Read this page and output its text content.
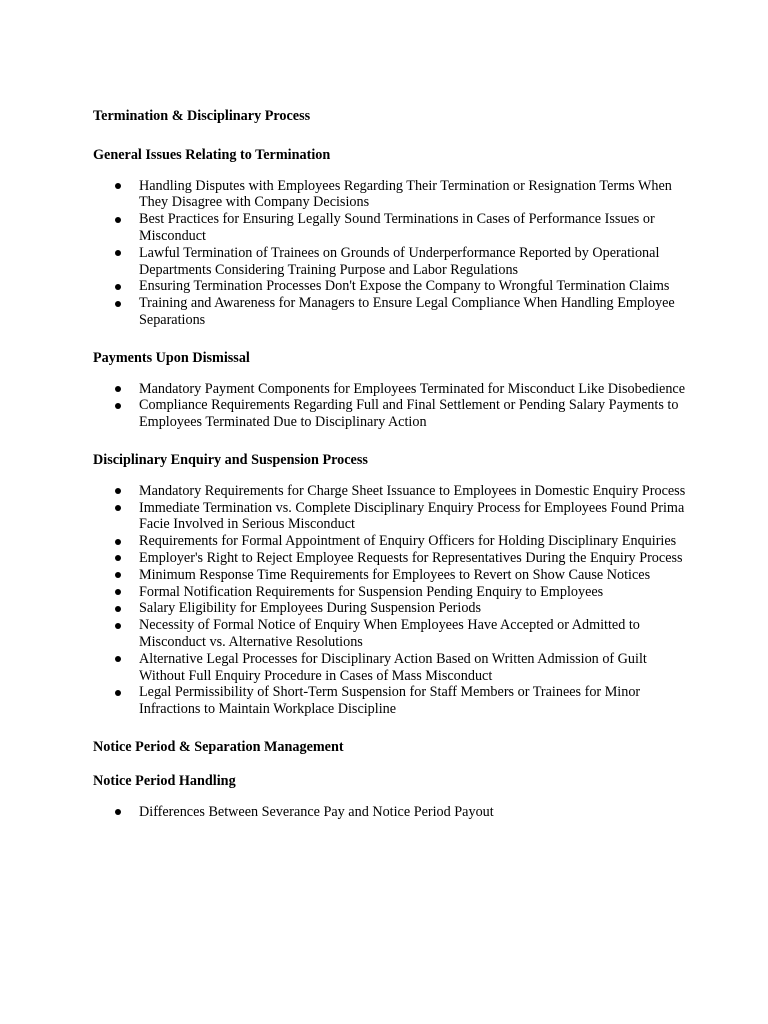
Termination & Disciplinary Process

General Issues Relating to Termination

Handling Disputes with Employees Regarding Their Termination or Resignation Terms When They Disagree with Company Decisions
Best Practices for Ensuring Legally Sound Terminations in Cases of Performance Issues or Misconduct
Lawful Termination of Trainees on Grounds of Underperformance Reported by Operational Departments Considering Training Purpose and Labor Regulations
Ensuring Termination Processes Don't Expose the Company to Wrongful Termination Claims
Training and Awareness for Managers to Ensure Legal Compliance When Handling Employee Separations

Payments Upon Dismissal

Mandatory Payment Components for Employees Terminated for Misconduct Like Disobedience
Compliance Requirements Regarding Full and Final Settlement or Pending Salary Payments to Employees Terminated Due to Disciplinary Action

Disciplinary Enquiry and Suspension Process

Mandatory Requirements for Charge Sheet Issuance to Employees in Domestic Enquiry Process
Immediate Termination vs. Complete Disciplinary Enquiry Process for Employees Found Prima Facie Involved in Serious Misconduct
Requirements for Formal Appointment of Enquiry Officers for Holding Disciplinary Enquiries
Employer's Right to Reject Employee Requests for Representatives During the Enquiry Process
Minimum Response Time Requirements for Employees to Revert on Show Cause Notices
Formal Notification Requirements for Suspension Pending Enquiry to Employees
Salary Eligibility for Employees During Suspension Periods
Necessity of Formal Notice of Enquiry When Employees Have Accepted or Admitted to Misconduct vs. Alternative Resolutions
Alternative Legal Processes for Disciplinary Action Based on Written Admission of Guilt Without Full Enquiry Procedure in Cases of Mass Misconduct
Legal Permissibility of Short-Term Suspension for Staff Members or Trainees for Minor Infractions to Maintain Workplace Discipline

Notice Period & Separation Management

Notice Period Handling

Differences Between Severance Pay and Notice Period Payout
